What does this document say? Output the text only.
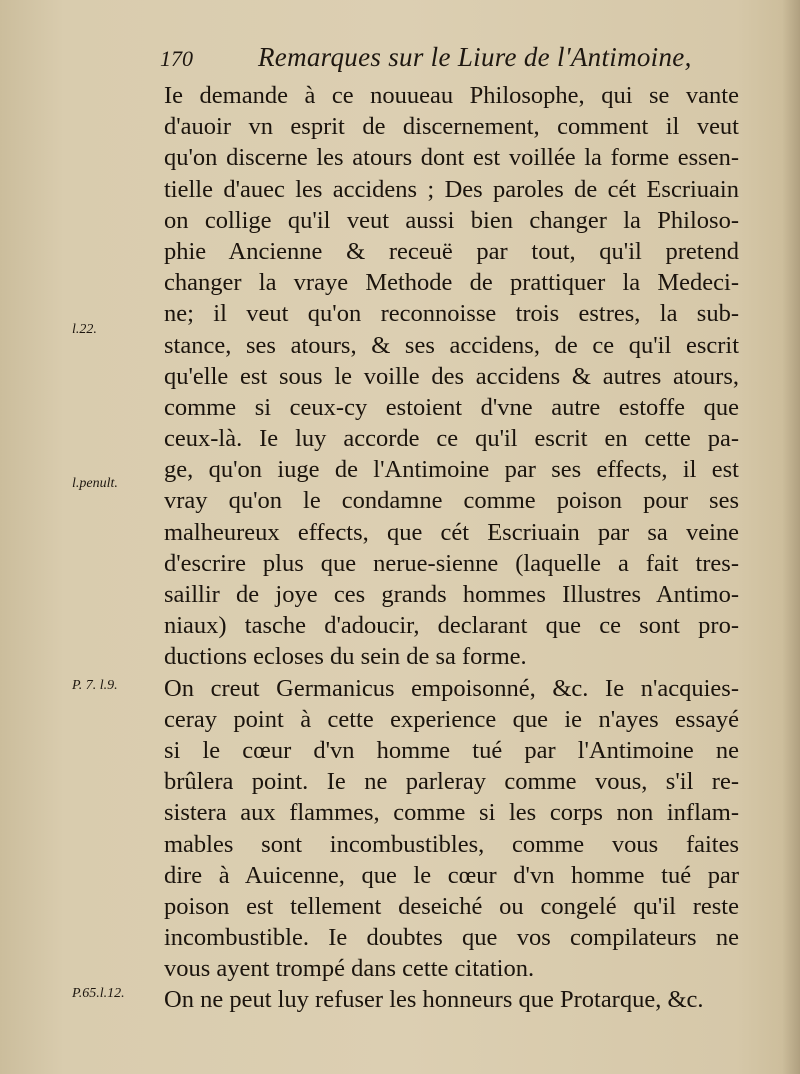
170 Remarques sur le Liure de l'Antimoine,
l.22.
l.penult.
P. 7. l.9.
P.65.l.12.
Ie demande à ce nouueau Philosophe, qui se vante
d'auoir vn esprit de discernement, comment il veut
qu'on discerne les atours dont est voillée la forme essen-
tielle d'auec les accidens ; Des paroles de cét Escriuain
on collige qu'il veut aussi bien changer la Philoso-
phie Ancienne & receuë par tout, qu'il pretend
changer la vraye Methode de prattiquer la Medeci-
ne; il veut qu'on reconnoisse trois estres, la sub-
stance, ses atours, & ses accidens, de ce qu'il escrit
qu'elle est sous le voille des accidens & autres atours,
comme si ceux-cy estoient d'vne autre estoffe que
ceux-là. Ie luy accorde ce qu'il escrit en cette pa-
ge, qu'on iuge de l'Antimoine par ses effects, il est
vray qu'on le condamne comme poison pour ses
malheureux effects, que cét Escriuain par sa veine
d'escrire plus que nerue-sienne (laquelle a fait tres-
saillir de joye ces grands hommes Illustres Antimo-
niaux) tasche d'adoucir, declarant que ce sont pro-
ductions ecloses du sein de sa forme.
On creut Germanicus empoisonné, &c. Ie n'acquies-
ceray point à cette experience que ie n'ayes essayé
si le cœur d'vn homme tué par l'Antimoine ne
brûlera point. Ie ne parleray comme vous, s'il re-
sistera aux flammes, comme si les corps non inflam-
mables sont incombustibles, comme vous faites
dire à Auicenne, que le cœur d'vn homme tué par
poison est tellement deseiché ou congelé qu'il reste
incombustible. Ie doubtes que vos compilateurs ne
vous ayent trompé dans cette citation.
On ne peut luy refuser les honneurs que Protarque, &c.
